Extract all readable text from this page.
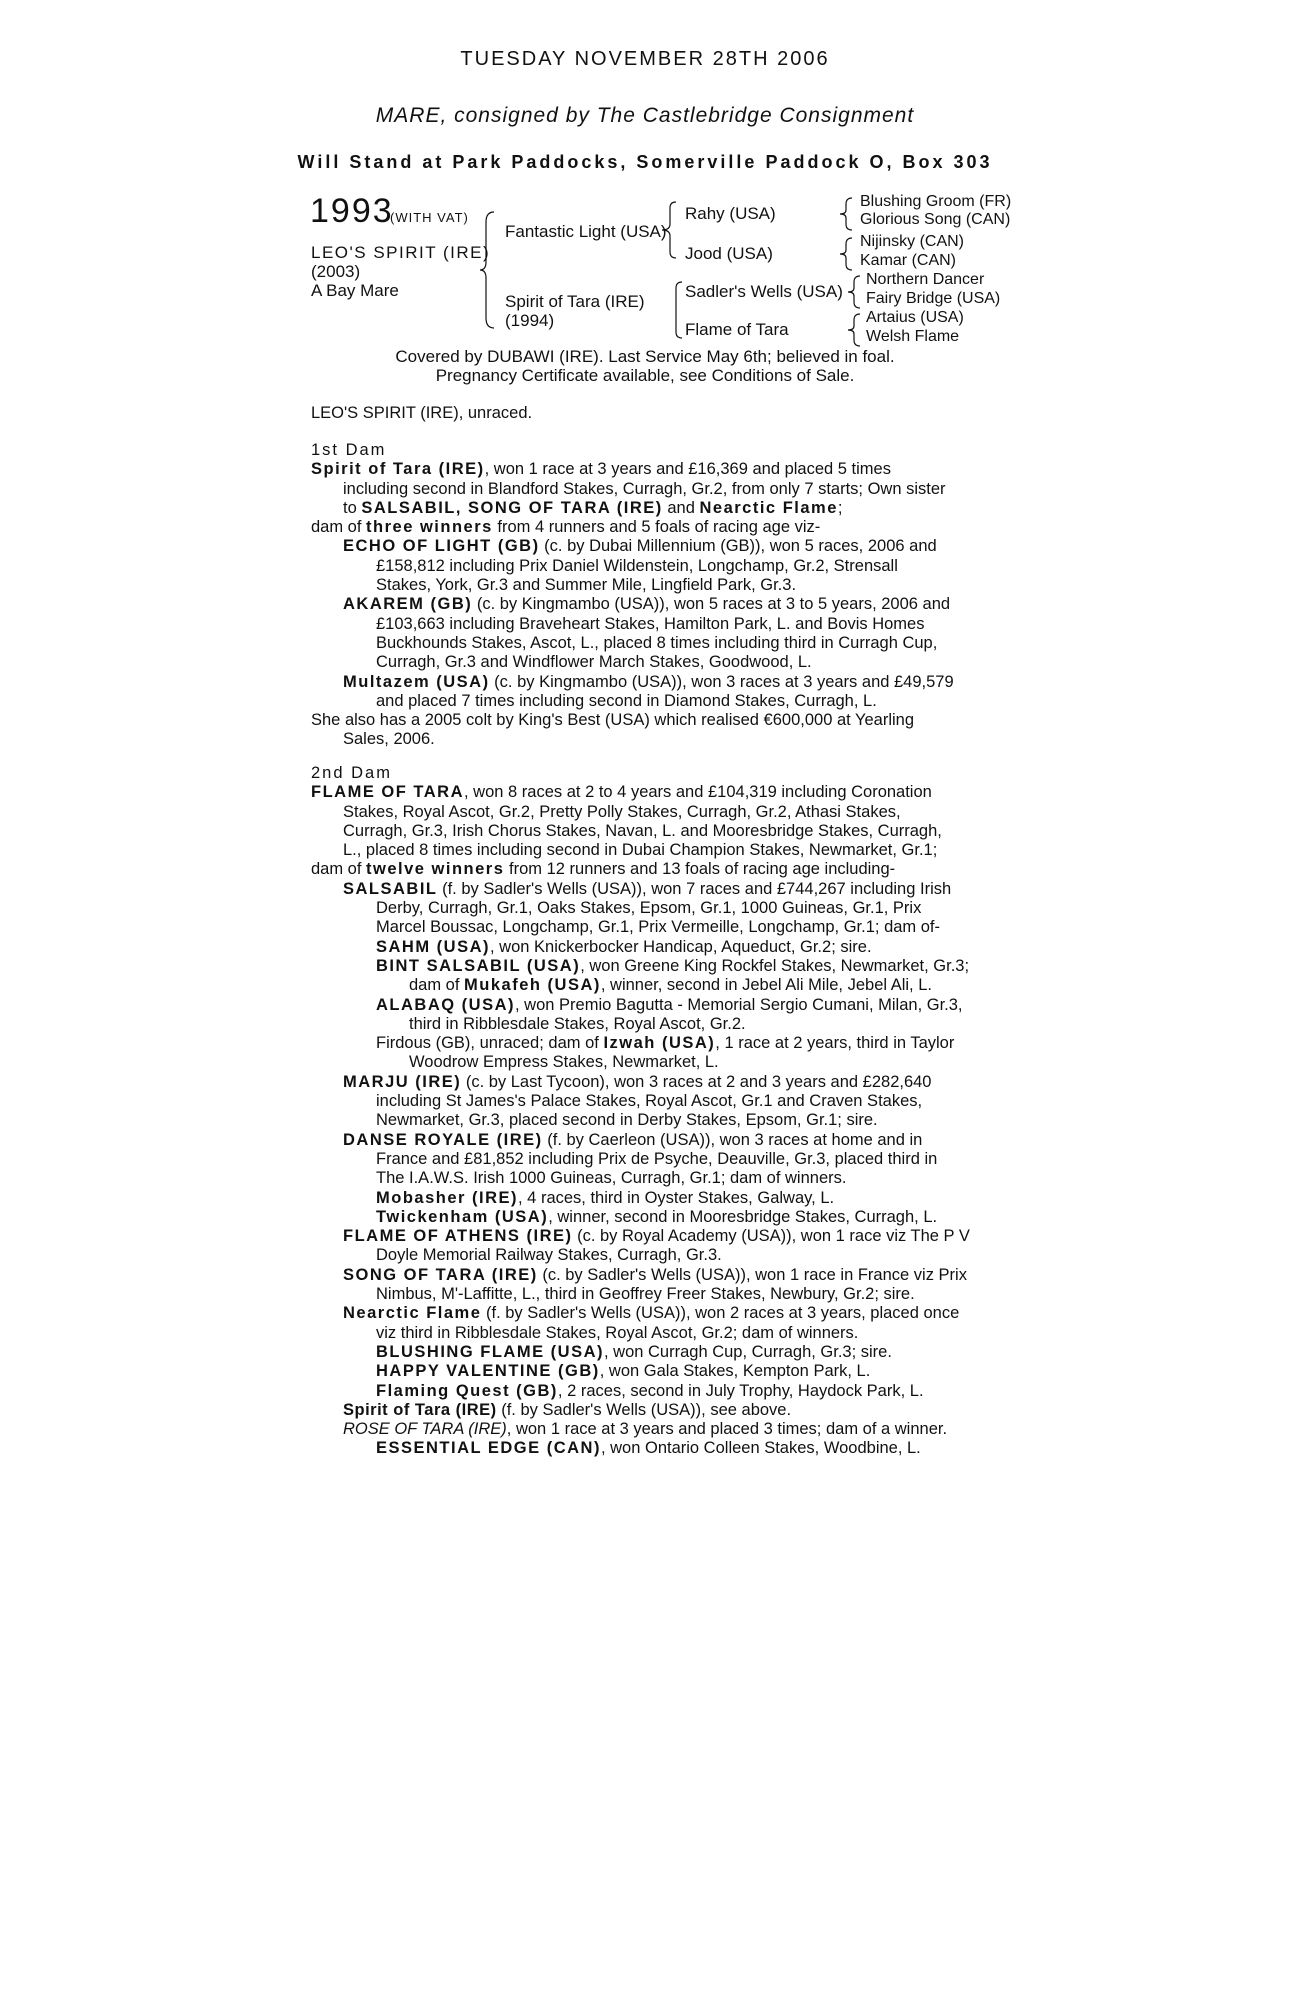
TUESDAY NOVEMBER 28TH 2006
MARE, consigned by The Castlebridge Consignment
Will Stand at Park Paddocks, Somerville Paddock O, Box 303
1993
(WITH VAT)
LEO'S SPIRIT (IRE)
(2003)
A Bay Mare
Fantastic Light (USA)
Spirit of Tara (IRE)
(1994)
Rahy (USA)
Jood (USA)
Sadler's Wells (USA)
Flame of Tara
Blushing Groom (FR)
Glorious Song (CAN)
Nijinsky (CAN)
Kamar (CAN)
Northern Dancer
Fairy Bridge (USA)
Artaius (USA)
Welsh Flame
Covered by DUBAWI (IRE). Last Service May 6th; believed in foal.
Pregnancy Certificate available, see Conditions of Sale.
LEO'S SPIRIT (IRE), unraced.
1st Dam
Spirit of Tara (IRE), won 1 race at 3 years and £16,369 and placed 5 times
including second in Blandford Stakes, Curragh, Gr.2, from only 7 starts; Own sister
to SALSABIL, SONG OF TARA (IRE) and Nearctic Flame;
dam of three winners from 4 runners and 5 foals of racing age viz-
ECHO OF LIGHT (GB) (c. by Dubai Millennium (GB)), won 5 races, 2006 and
£158,812 including Prix Daniel Wildenstein, Longchamp, Gr.2, Strensall
Stakes, York, Gr.3 and Summer Mile, Lingfield Park, Gr.3.
AKAREM (GB) (c. by Kingmambo (USA)), won 5 races at 3 to 5 years, 2006 and
£103,663 including Braveheart Stakes, Hamilton Park, L. and Bovis Homes
Buckhounds Stakes, Ascot, L., placed 8 times including third in Curragh Cup,
Curragh, Gr.3 and Windflower March Stakes, Goodwood, L.
Multazem (USA) (c. by Kingmambo (USA)), won 3 races at 3 years and £49,579
and placed 7 times including second in Diamond Stakes, Curragh, L.
She also has a 2005 colt by King's Best (USA) which realised €600,000 at Yearling
Sales, 2006.
2nd Dam
FLAME OF TARA, won 8 races at 2 to 4 years and £104,319 including Coronation
Stakes, Royal Ascot, Gr.2, Pretty Polly Stakes, Curragh, Gr.2, Athasi Stakes,
Curragh, Gr.3, Irish Chorus Stakes, Navan, L. and Mooresbridge Stakes, Curragh,
L., placed 8 times including second in Dubai Champion Stakes, Newmarket, Gr.1;
dam of twelve winners from 12 runners and 13 foals of racing age including-
SALSABIL (f. by Sadler's Wells (USA)), won 7 races and £744,267 including Irish
Derby, Curragh, Gr.1, Oaks Stakes, Epsom, Gr.1, 1000 Guineas, Gr.1, Prix
Marcel Boussac, Longchamp, Gr.1, Prix Vermeille, Longchamp, Gr.1; dam of-
SAHM (USA), won Knickerbocker Handicap, Aqueduct, Gr.2; sire.
BINT SALSABIL (USA), won Greene King Rockfel Stakes, Newmarket, Gr.3;
dam of Mukafeh (USA), winner, second in Jebel Ali Mile, Jebel Ali, L.
ALABAQ (USA), won Premio Bagutta - Memorial Sergio Cumani, Milan, Gr.3,
third in Ribblesdale Stakes, Royal Ascot, Gr.2.
Firdous (GB), unraced; dam of Izwah (USA), 1 race at 2 years, third in Taylor
Woodrow Empress Stakes, Newmarket, L.
MARJU (IRE) (c. by Last Tycoon), won 3 races at 2 and 3 years and £282,640
including St James's Palace Stakes, Royal Ascot, Gr.1 and Craven Stakes,
Newmarket, Gr.3, placed second in Derby Stakes, Epsom, Gr.1; sire.
DANSE ROYALE (IRE) (f. by Caerleon (USA)), won 3 races at home and in
France and £81,852 including Prix de Psyche, Deauville, Gr.3, placed third in
The I.A.W.S. Irish 1000 Guineas, Curragh, Gr.1; dam of winners.
Mobasher (IRE), 4 races, third in Oyster Stakes, Galway, L.
Twickenham (USA), winner, second in Mooresbridge Stakes, Curragh, L.
FLAME OF ATHENS (IRE) (c. by Royal Academy (USA)), won 1 race viz The P V
Doyle Memorial Railway Stakes, Curragh, Gr.3.
SONG OF TARA (IRE) (c. by Sadler's Wells (USA)), won 1 race in France viz Prix
Nimbus, M'-Laffitte, L., third in Geoffrey Freer Stakes, Newbury, Gr.2; sire.
Nearctic Flame (f. by Sadler's Wells (USA)), won 2 races at 3 years, placed once
viz third in Ribblesdale Stakes, Royal Ascot, Gr.2; dam of winners.
BLUSHING FLAME (USA), won Curragh Cup, Curragh, Gr.3; sire.
HAPPY VALENTINE (GB), won Gala Stakes, Kempton Park, L.
Flaming Quest (GB), 2 races, second in July Trophy, Haydock Park, L.
Spirit of Tara (IRE) (f. by Sadler's Wells (USA)), see above.
ROSE OF TARA (IRE), won 1 race at 3 years and placed 3 times; dam of a winner.
ESSENTIAL EDGE (CAN), won Ontario Colleen Stakes, Woodbine, L.
